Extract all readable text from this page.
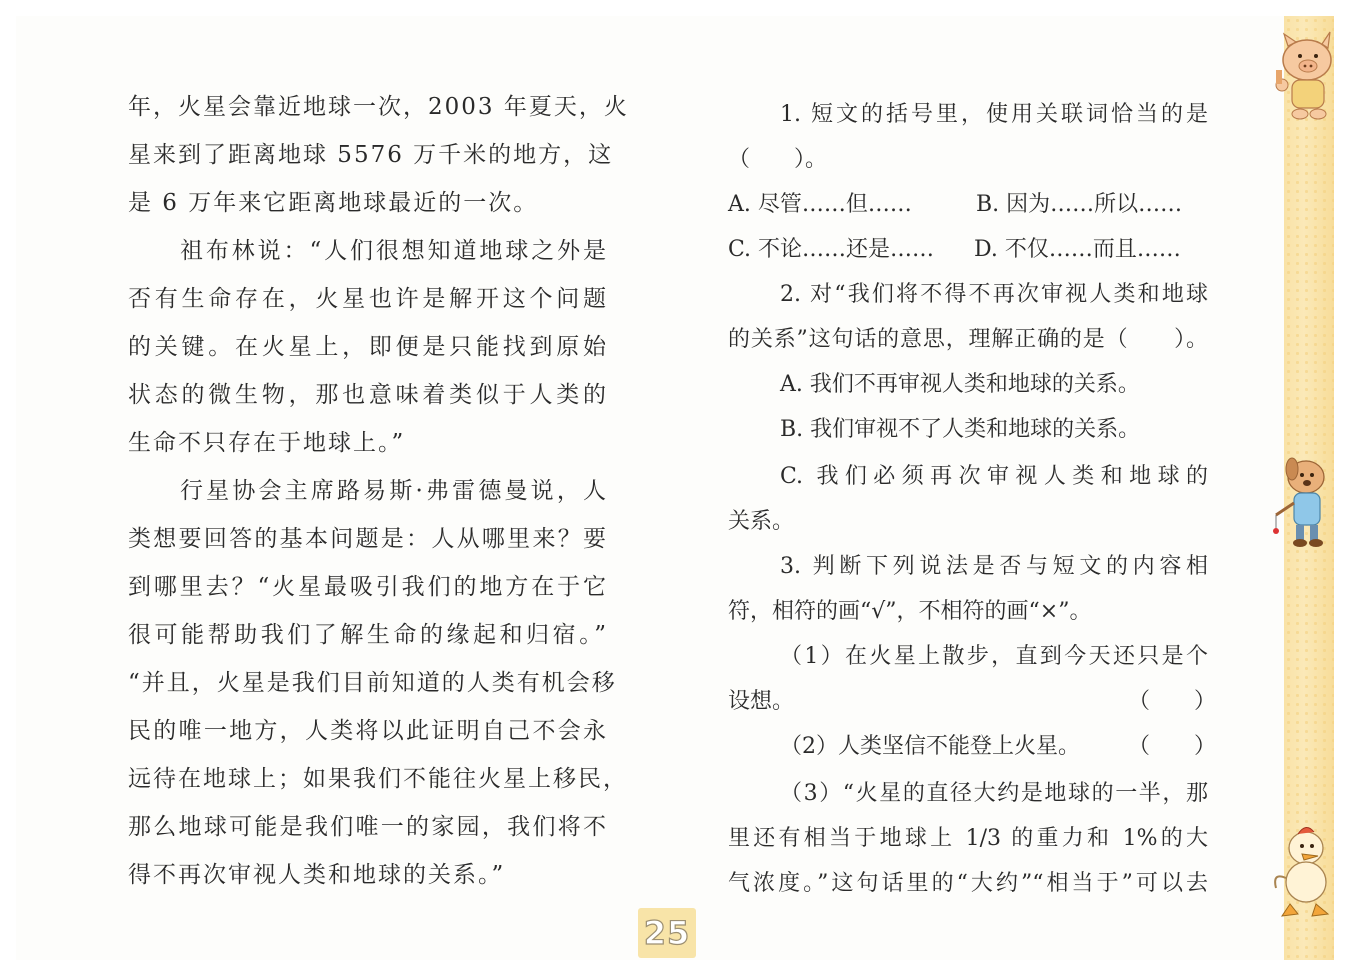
年，火星会靠近地球一次，2003 年夏天，火
星来到了距离地球 5576 万千米的地方，这
是 6 万年来它距离地球最近的一次。
祖布林说：“人们很想知道地球之外是
否有生命存在，火星也许是解开这个问题
的关键。在火星上，即便是只能找到原始
状态的微生物，那也意味着类似于人类的
生命不只存在于地球上。”
行星协会主席路易斯·弗雷德曼说，人
类想要回答的基本问题是：人从哪里来？要
到哪里去？“火星最吸引我们的地方在于它
很可能帮助我们了解生命的缘起和归宿。”
“并且，火星是我们目前知道的人类有机会移
民的唯一地方，人类将以此证明自己不会永
远待在地球上；如果我们不能往火星上移民，
那么地球可能是我们唯一的家园，我们将不
得不再次审视人类和地球的关系。”
1. 短文的括号里，使用关联词恰当的是
（　　）。
A. 尽管……但……	B. 因为……所以……
C. 不论……还是…… D. 不仅……而且……
2. 对“我们将不得不再次审视人类和地球
的关系”这句话的意思，理解正确的是（　　）。
A. 我们不再审视人类和地球的关系。
B. 我们审视不了人类和地球的关系。
C. 我们必须再次审视人类和地球的
关系。
3. 判断下列说法是否与短文的内容相
符，相符的画“√”，不相符的画“×”。
（1）在火星上散步，直到今天还只是个
设想。	（　　）
（2）人类坚信不能登上火星。 （　　）
（3）“火星的直径大约是地球的一半，那
里还有相当于地球上 1/3 的重力和 1%的大
气浓度。”这句话里的“大约”“相当于”可以去
25
